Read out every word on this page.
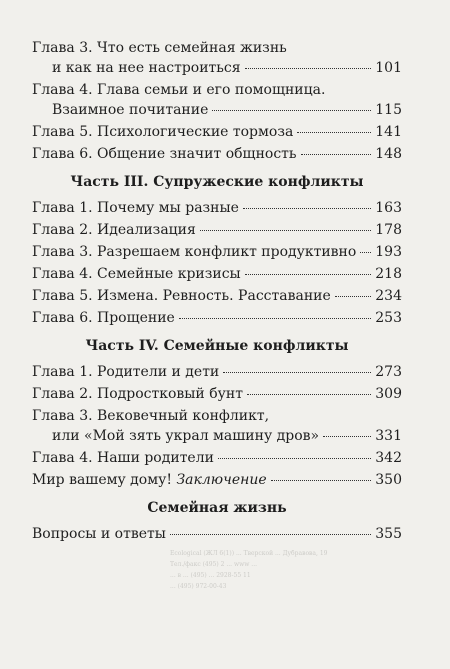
Глава 3. Что есть семейная жизнь
и как на нее настроиться	101
Глава 4. Глава семьи и его помощница.
Взаимное почитание	115
Глава 5. Психологические тормоза	141
Глава 6. Общение значит общность	148
Часть III. Супружеские конфликты
Глава 1. Почему мы разные	163
Глава 2. Идеализация	178
Глава 3. Разрешаем конфликт продуктивно 193
Глава 4. Семейные кризисы	218
Глава 5. Измена. Ревность. Расставание	234
Глава 6. Прощение	253
Часть IV. Семейные конфликты
Глава 1. Родители и дети	273
Глава 2. Подростковый бунт	309
Глава 3. Вековечный конфликт,
или «Мой зять украл машину дров»	331
Глава 4. Наши родители	342
Мир вашему дому! Заключение	350
Семейная жизнь
Вопросы и ответы	355
Ecological (ЖЛ 6(1)) ... Тверской ... Дубравова, 19
Тел./факс (495) 2 ... www ...
... в ... (495) ... 2928-55 11
... (495) 972-00-43
